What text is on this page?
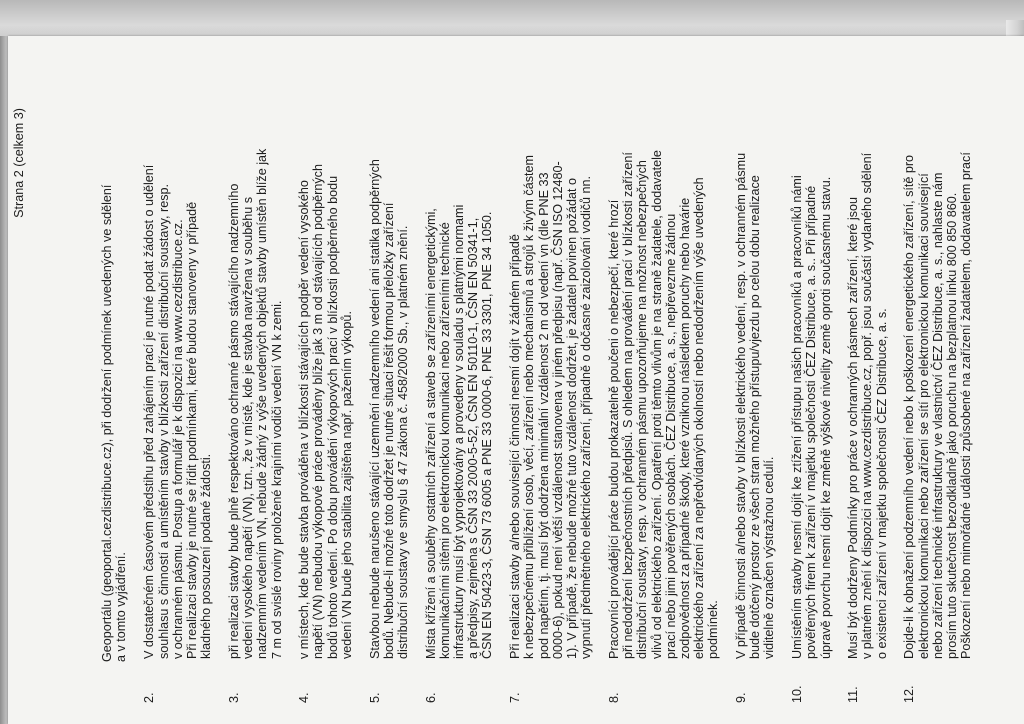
Strana 2 (celkem 3)
Geoportálu (geoportal.cezdistribuce.cz), při dodržení podmínek uvedených ve sdělení a v tomto vyjádření.
2.
V dostatečném časovém předstihu před zahájením prací je nutné podat žádost o udělení souhlasu s činností a umístěním stavby v blízkosti zařízení distribuční soustavy, resp. v ochranném pásmu. Postup a formulář je k dispozici na www.cezdistribuce.cz. Při realizaci stavby je nutné se řídit podmínkami, které budou stanoveny v případě kladného posouzení podané žádosti.
3.
při realizaci stavby bude plně respektováno ochranné pásmo stávajícího nadzemního vedení vysokého napětí (VN), tzn., že v místě, kde je stavba navržena v souběhu s nadzemním vedením VN, nebude žádný z výše uvedených objektů stavby umístěn blíže jak 7 m od svislé roviny proložené krajními vodiči vedení VN k zemi.
4.
v místech, kde bude stavba prováděna v blízkosti stávajících podpěr vedení vysokého napětí (VN) nebudou výkopové práce prováděny blíže jak 3 m od stávajících podpěrných bodů tohoto vedení. Po dobu provádění výkopových prací v blízkosti podpěrného bodu vedení VN bude jeho stabilita zajištěna např. pažením výkopů.
5.
Stavbou nebude narušeno stávající uzemnění nadzemního vedení ani statika podpěrných bodů. Nebude-li možné toto dodržet je nutné situaci řešit formou přeložky zařízení distribuční soustavy ve smyslu § 47 zákona č. 458/2000 Sb., v platném znění.
6.
Místa křížení a souběhy ostatních zařízení a staveb se zařízeními energetickými, komunikačními sítěmi pro elektronickou komunikaci nebo zařízeními technické infrastruktury musí být vyprojektovány a provedeny v souladu s platnými normami a předpisy, zejména s ČSN 33 2000-5-52, ČSN EN 50110-1, ČSN EN 50341-1, ČSN EN 50423-3, ČSN 73 6005 a PNE 33 0000-6, PNE 33 3301, PNE 34 1050.
7.
Při realizaci stavby a/nebo související činnosti nesmí dojít v žádném případě k nebezpečnému přiblížení osob, věcí, zařízení nebo mechanismů a strojů k živým částem pod napětím, tj. musí být dodržena minimální vzdálenost 2 m od vedení vn (dle PNE 33 0000-6), pokud není větší vzdálenost stanovena v jiném předpisu (např. ČSN ISO 12480- 1). V případě, že nebude možné tuto vzdálenost dodržet, je žadatel povinen požádat o vypnutí předmětného elektrického zařízení, případně o dočasné zaizolování vodičů nn.
8.
Pracovníci provádějící práce budou prokazatelně poučeni o nebezpečí, které hrozí při nedodržení bezpečnostních předpisů. S ohledem na provádění prací v blízkosti zařízení distribuční soustavy, resp. v ochranném pásmu upozorňujeme na možnost nebezpečných vlivů od elektrického zařízení. Opatření proti těmto vlivům je na straně žadatele, dodavatele prací nebo jimi pověřených osobách. ČEZ Distribuce, a. s., nepřevezme žádnou zodpovědnost za případné škody, které vzniknou následkem poruchy nebo havárie elektrického zařízení za nepředvídaných okolností nebo nedodržením výše uvedených podmínek.
9.
V případě činnosti a/nebo stavby v blízkosti elektrického vedení, resp. v ochranném pásmu bude dotčený prostor ze všech stran možného přístupu/vjezdu po celou dobu realizace viditelně označen výstražnou cedulí.
10.
Umístěním stavby nesmí dojít ke ztížení přístupu našich pracovníků a pracovníků námi pověřených firem k zařízení v majetku společnosti ČEZ Distribuce, a. s.. Při případné úpravě povrchu nesmí dojít ke změně výškové nivelity země oproti současnému stavu.
11.
Musí být dodrženy Podmínky pro práce v ochranných pásmech zařízení, které jsou v platném znění k dispozici na www.cezdistribuce.cz, popř. jsou součástí vydaného sdělení o existenci zařízení v majetku společnosti ČEZ Distribuce, a. s.
12.
Dojde-li k obnažení podzemního vedení nebo k poškození energetického zařízení, sítě pro elektronickou komunikaci nebo zařízení se sítí pro elektronickou komunikaci související nebo zařízení technické infrastruktury ve vlastnictví ČEZ Distribuce, a. s., nahlaste nám prosím tuto skutečnost bezodkladně jako poruchu na bezplatnou linku 800 850 860. Poškození nebo mimořádné události způsobené na zařízení žadatelem, dodavatelem prací
